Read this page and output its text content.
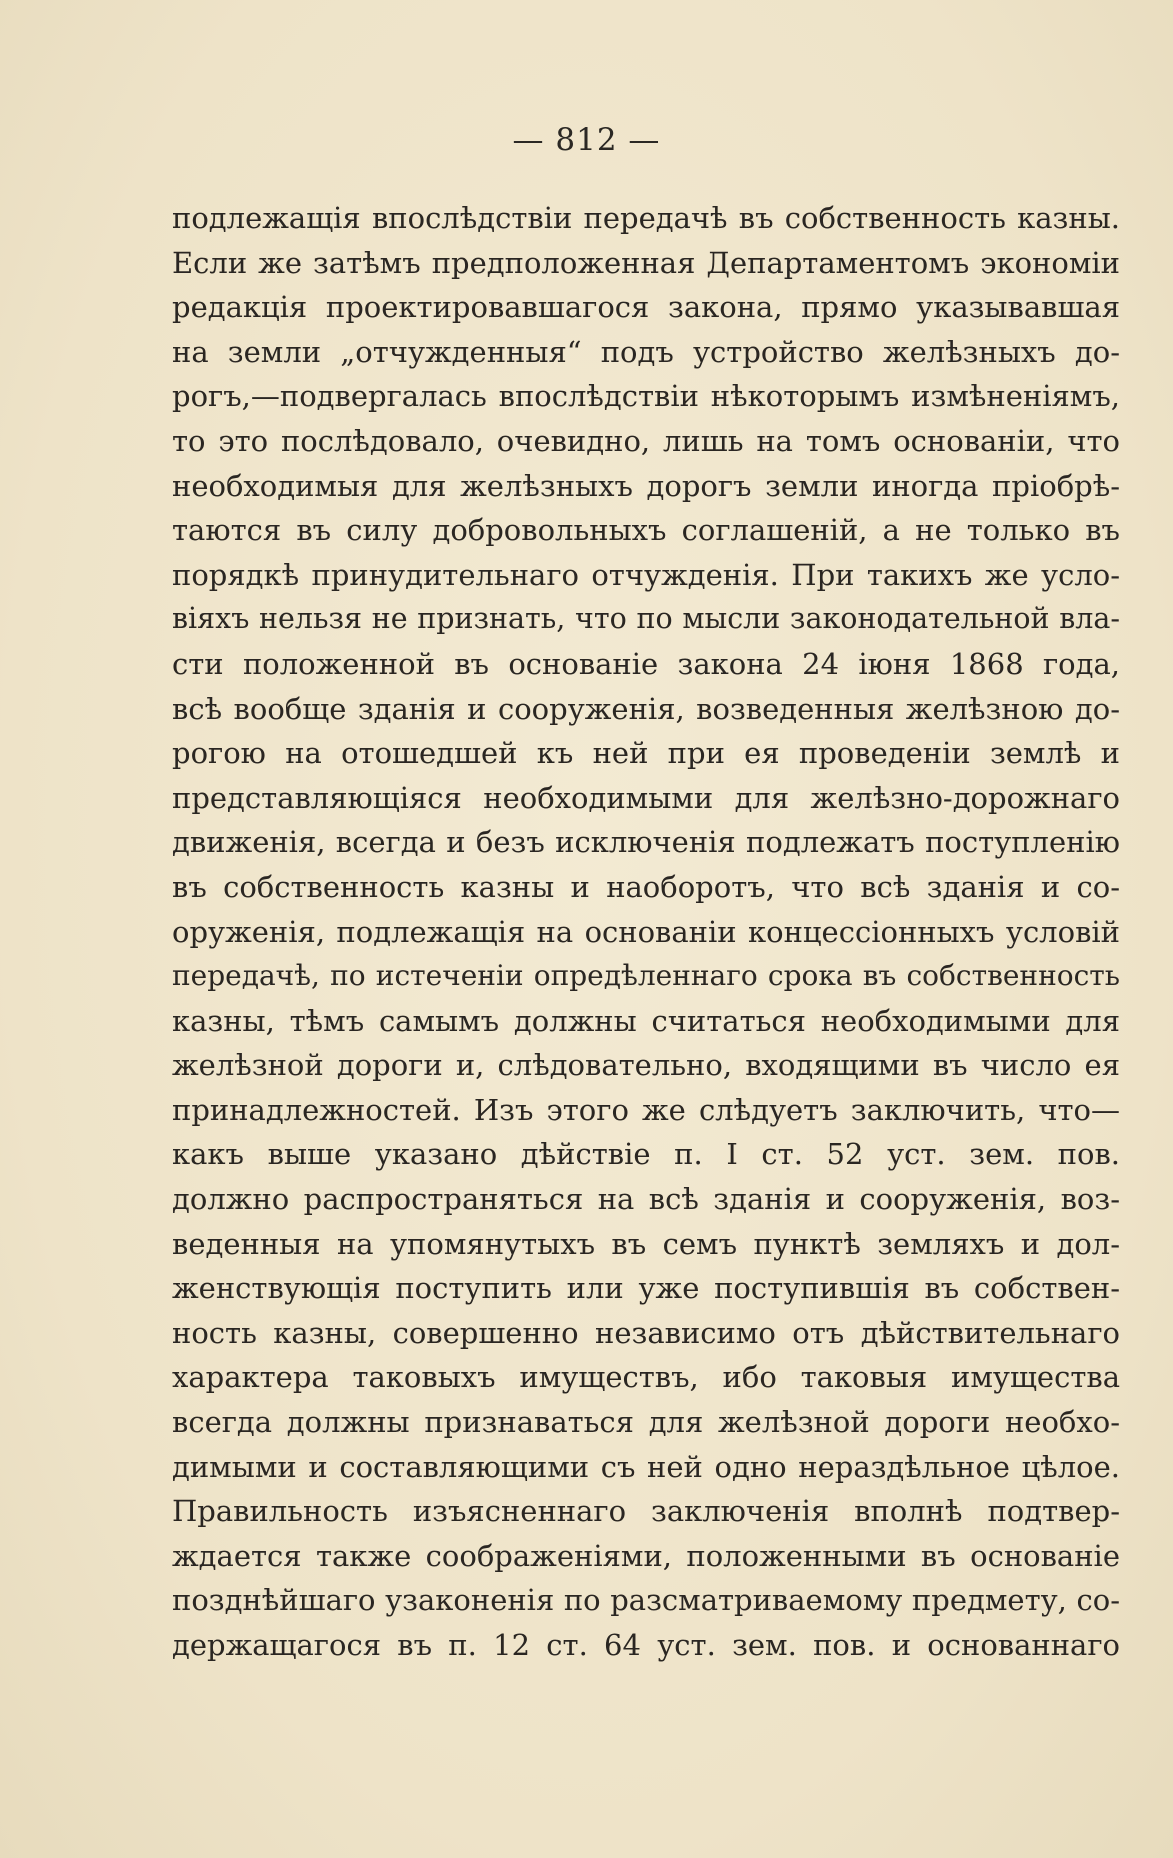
— 812 —
подлежащія впослѣдствіи передачѣ въ собственность казны.
Если же затѣмъ предположенная Департаментомъ экономіи
редакція проектировавшагося закона, прямо указывавшая
на земли „отчужденныя“ подъ устройство желѣзныхъ до-
рогъ,—подвергалась впослѣдствіи нѣкоторымъ измѣненіямъ,
то это послѣдовало, очевидно, лишь на томъ основаніи, что
необходимыя для желѣзныхъ дорогъ земли иногда пріобрѣ-
таются въ силу добровольныхъ соглашеній, а не только въ
порядкѣ принудительнаго отчужденія. При такихъ же усло-
віяхъ нельзя не признать, что по мысли законодательной вла-
сти положенной въ основаніе закона 24 іюня 1868 года,
всѣ вообще зданія и сооруженія, возведенныя желѣзною до-
рогою на отошедшей къ ней при ея проведеніи землѣ и
представляющіяся необходимыми для желѣзно-дорожнаго
движенія, всегда и безъ исключенія подлежатъ поступленію
въ собственность казны и наоборотъ, что всѣ зданія и со-
оруженія, подлежащія на основаніи концессіонныхъ условій
передачѣ, по истеченіи опредѣленнаго срока въ собственность
казны, тѣмъ самымъ должны считаться необходимыми для
желѣзной дороги и, слѣдовательно, входящими въ число ея
принадлежностей. Изъ этого же слѣдуетъ заключить, что—
какъ выше указано дѣйствіе п. I ст. 52 уст. зем. пов.
должно распространяться на всѣ зданія и сооруженія, воз-
веденныя на упомянутыхъ въ семъ пунктѣ земляхъ и дол-
женствующія поступить или уже поступившія въ собствен-
ность казны, совершенно независимо отъ дѣйствительнаго
характера таковыхъ имуществъ, ибо таковыя имущества
всегда должны признаваться для желѣзной дороги необхо-
димыми и составляющими съ ней одно нераздѣльное цѣлое.
Правильность изъясненнаго заключенія вполнѣ подтвер-
ждается также соображеніями, положенными въ основаніе
позднѣйшаго узаконенія по разсматриваемому предмету, со-
держащагося въ п. 12 ст. 64 уст. зем. пов. и основаннаго
